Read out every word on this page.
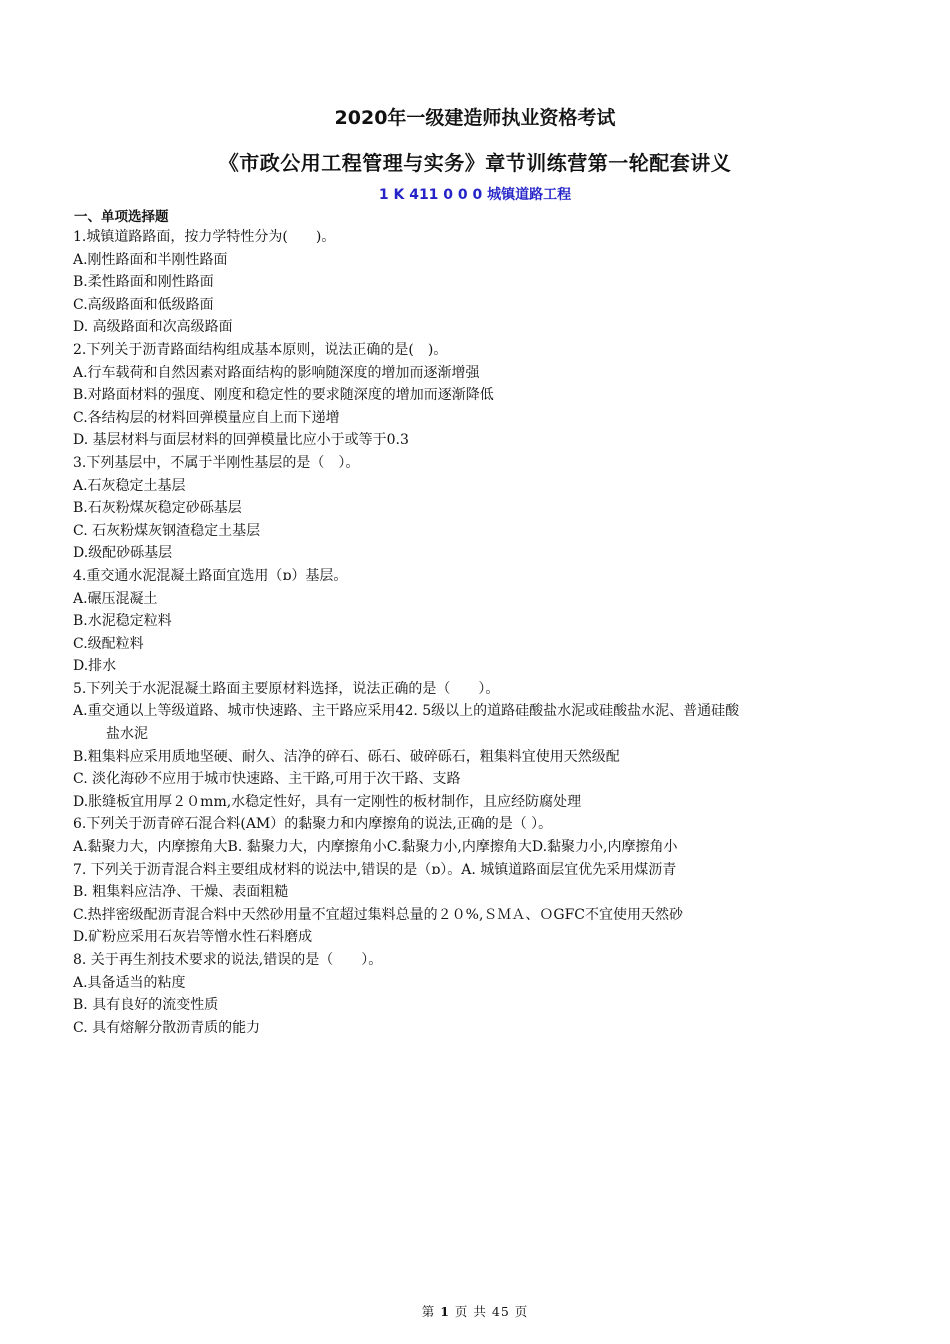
2020年一级建造师执业资格考试
《市政公用工程管理与实务》章节训练营第一轮配套讲义
1 K 411 0 0 0 城镇道路工程
一、单项选择题
1.城镇道路路面，按力学特性分为(　　)。
A.刚性路面和半刚性路面
B.柔性路面和刚性路面
C.高级路面和低级路面
D. 高级路面和次高级路面
2.下列关于沥青路面结构组成基本原则，说法正确的是(　)。
A.行车载荷和自然因素对路面结构的影响随深度的增加而逐渐增强
B.对路面材料的强度、刚度和稳定性的要求随深度的增加而逐渐降低
C.各结构层的材料回弹模量应自上而下递增
D. 基层材料与面层材料的回弹模量比应小于或等于0.3
3.下列基层中，不属于半刚性基层的是（　）。
A.石灰稳定土基层
B.石灰粉煤灰稳定砂砾基层
C. 石灰粉煤灰钢渣稳定土基层
D.级配砂砾基层
4.重交通水泥混凝土路面宜选用（ɒ）基层。
A.碾压混凝土
B.水泥稳定粒料
C.级配粒料
D.排水
5.下列关于水泥混凝土路面主要原材料选择，说法正确的是（　　）。
A.重交通以上等级道路、城市快速路、主干路应采用42. 5级以上的道路硅酸盐水泥或硅酸盐水泥、普通硅酸
盐水泥
B.粗集料应采用质地坚硬、耐久、洁净的碎石、砾石、破碎砾石，粗集料宜使用天然级配
C. 淡化海砂不应用于城市快速路、主干路,可用于次干路、支路
D.胀缝板宜用厚２０mm,水稳定性好，具有一定刚性的板材制作，且应经防腐处理
6.下列关于沥青碎石混合料(AM）的黏聚力和内摩擦角的说法,正确的是（ ）。
A.黏聚力大，内摩擦角大B. 黏聚力大，内摩擦角小C.黏聚力小,内摩擦角大D.黏聚力小,内摩擦角小
7. 下列关于沥青混合料主要组成材料的说法中,错误的是（ɒ）。A. 城镇道路面层宜优先采用煤沥青
B. 粗集料应洁净、干燥、表面粗糙
C.热拌密级配沥青混合料中天然砂用量不宜超过集料总量的２０%,ＳＭＡ、ＯGFC不宜使用天然砂
D.矿粉应采用石灰岩等憎水性石料磨成
8. 关于再生剂技术要求的说法,错误的是（　　）。
A.具备适当的粘度
B. 具有良好的流变性质
C. 具有熔解分散沥青质的能力
第 1 页 共 45 页
